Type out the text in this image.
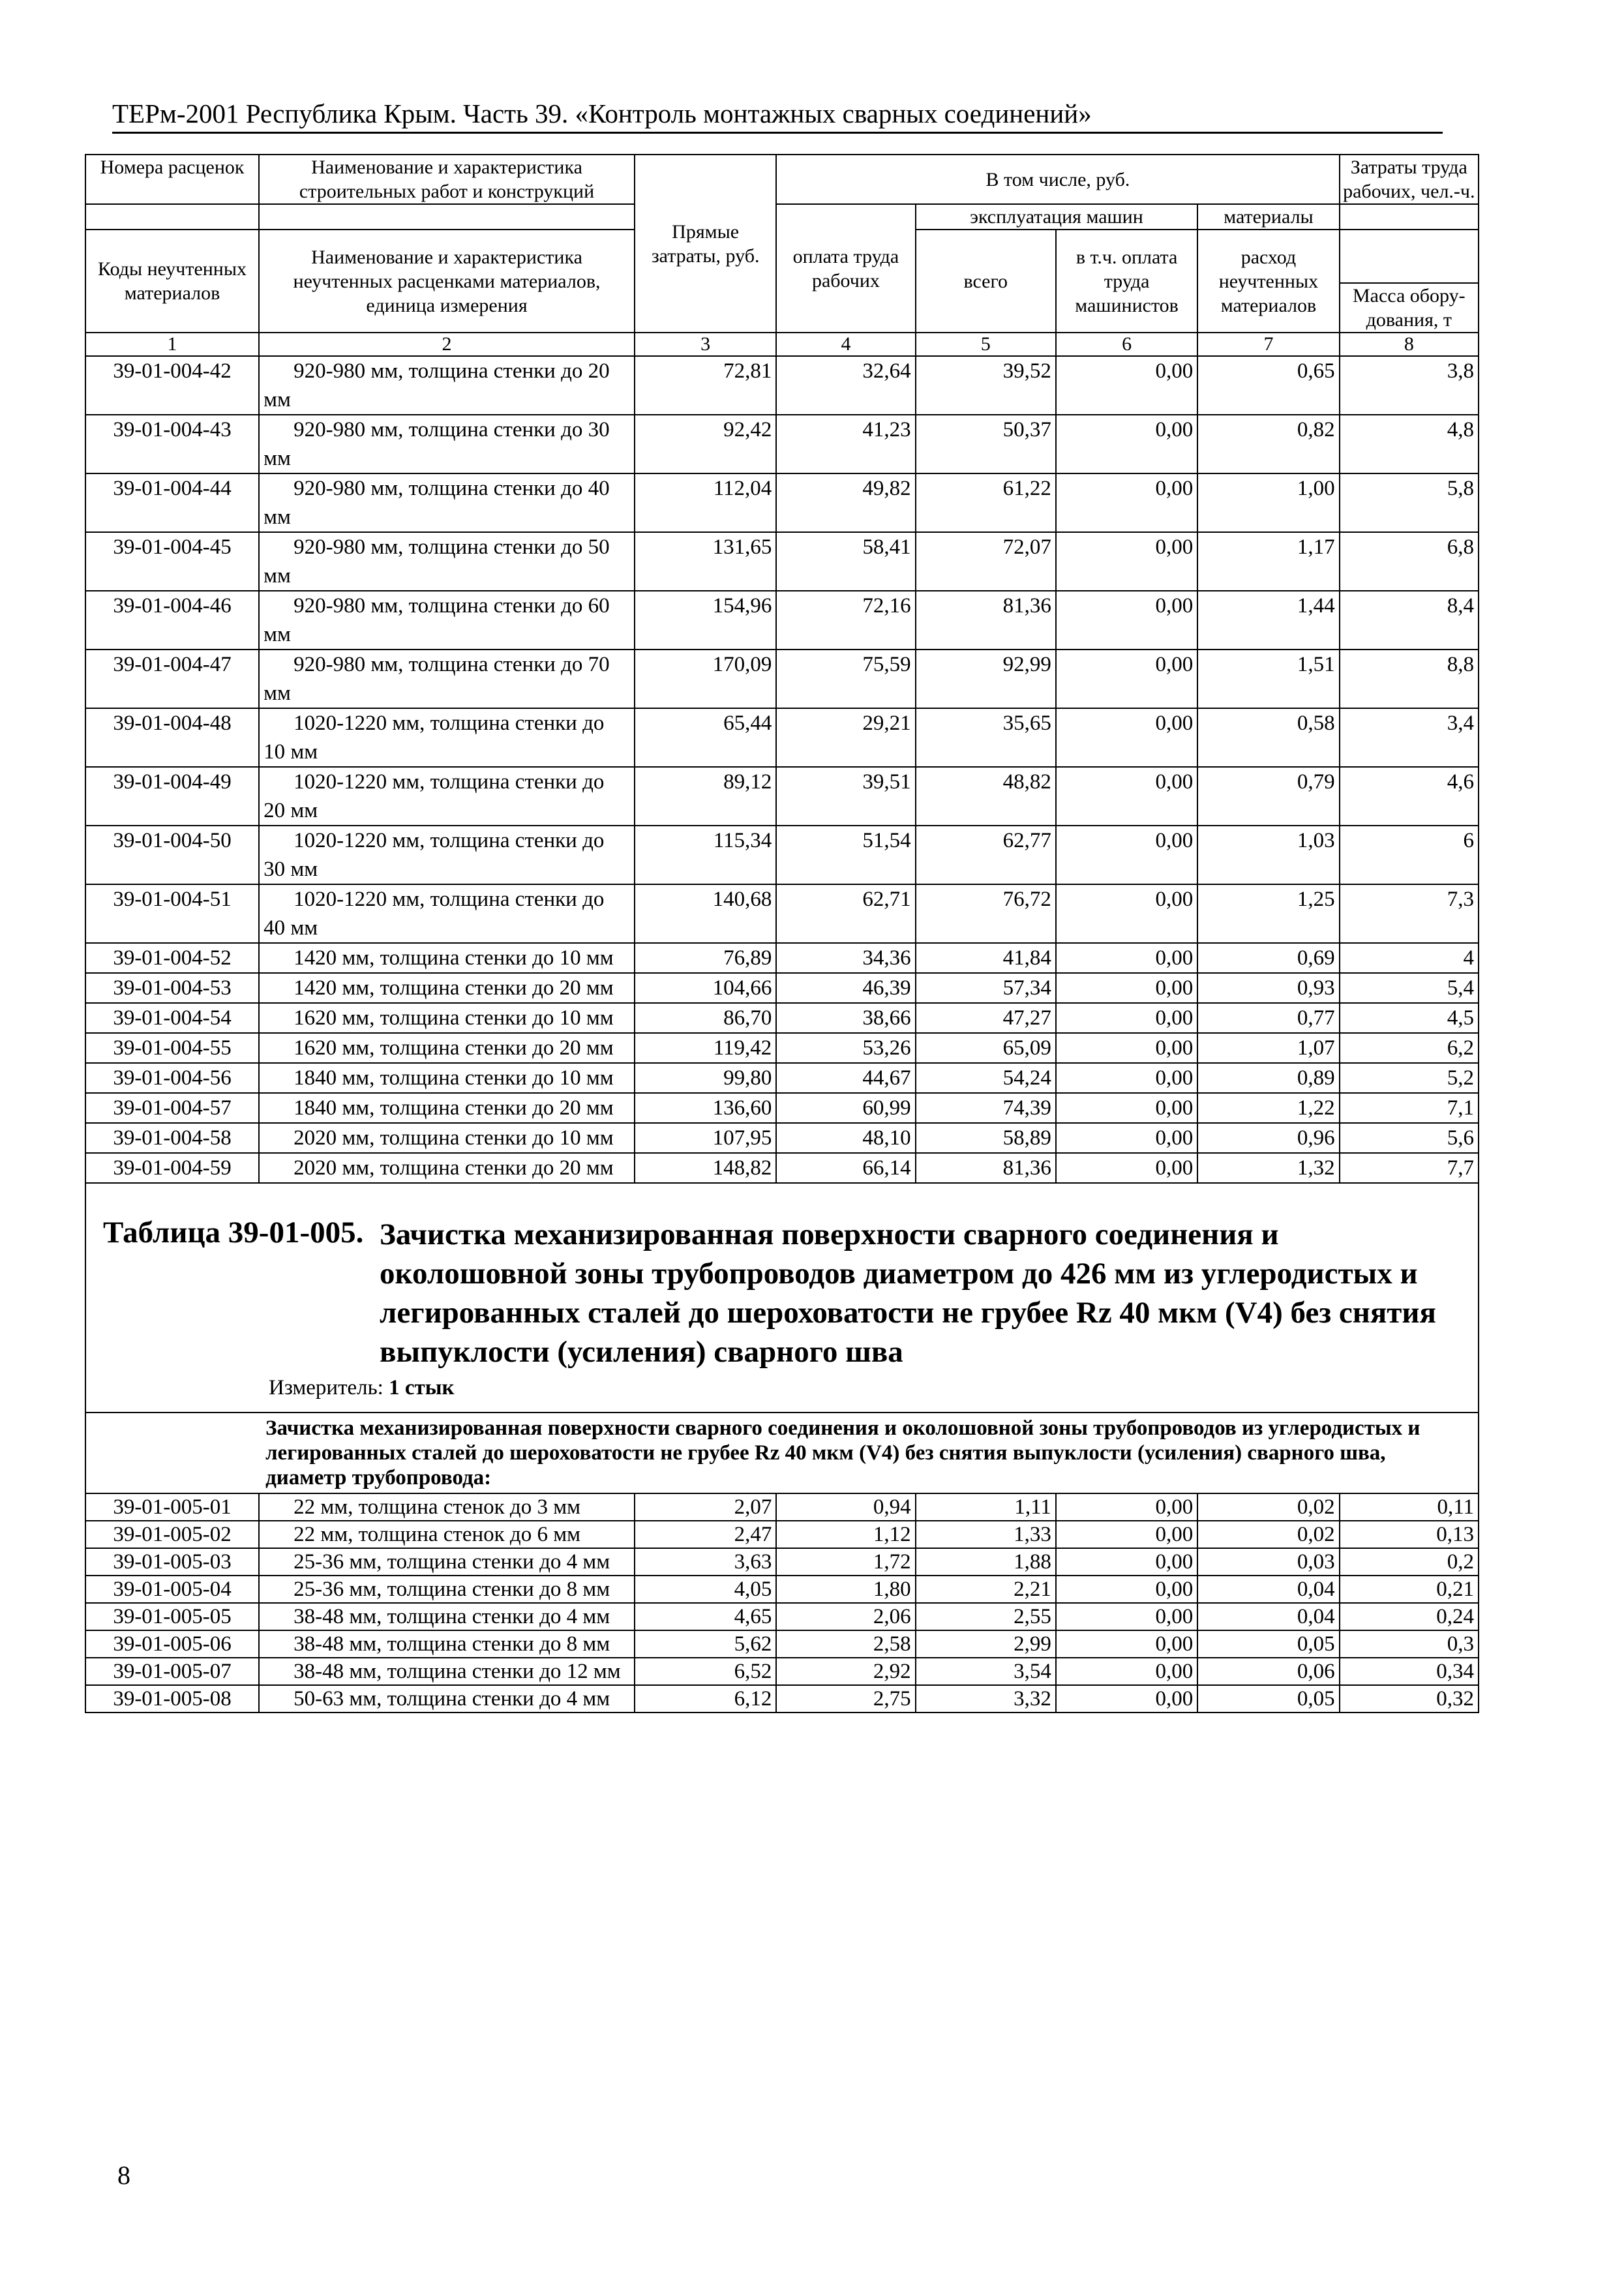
ТЕРм-2001 Республика Крым. Часть 39. «Контроль монтажных сварных соединений»
Номера расценок	Наименование и характеристика строительных работ и конструкций	Прямые затраты, руб.	В том числе, руб.				Затраты труда рабочих, чел.-ч.
			оплата труда рабочих	эксплуатация машин		материалы	
Коды неучтенных материалов	Наименование и характеристика неучтенных расценками материалов, единица измерения			всего	в т.ч. оплата труда машинистов	расход неучтенных материалов	
							Масса обору-дования, т
1	2	3	4	5	6	7	8
39-01-004-42	920-980 мм, толщина стенки до 20 мм	72,81	32,64	39,52	0,00	0,65	3,8
39-01-004-43	920-980 мм, толщина стенки до 30 мм	92,42	41,23	50,37	0,00	0,82	4,8
39-01-004-44	920-980 мм, толщина стенки до 40 мм	112,04	49,82	61,22	0,00	1,00	5,8
39-01-004-45	920-980 мм, толщина стенки до 50 мм	131,65	58,41	72,07	0,00	1,17	6,8
39-01-004-46	920-980 мм, толщина стенки до 60 мм	154,96	72,16	81,36	0,00	1,44	8,4
39-01-004-47	920-980 мм, толщина стенки до 70 мм	170,09	75,59	92,99	0,00	1,51	8,8
39-01-004-48	1020-1220 мм, толщина стенки до 10 мм	65,44	29,21	35,65	0,00	0,58	3,4
39-01-004-49	1020-1220 мм, толщина стенки до 20 мм	89,12	39,51	48,82	0,00	0,79	4,6
39-01-004-50	1020-1220 мм, толщина стенки до 30 мм	115,34	51,54	62,77	0,00	1,03	6
39-01-004-51	1020-1220 мм, толщина стенки до 40 мм	140,68	62,71	76,72	0,00	1,25	7,3
39-01-004-52	1420 мм, толщина стенки до 10 мм	76,89	34,36	41,84	0,00	0,69	4
39-01-004-53	1420 мм, толщина стенки до 20 мм	104,66	46,39	57,34	0,00	0,93	5,4
39-01-004-54	1620 мм, толщина стенки до 10 мм	86,70	38,66	47,27	0,00	0,77	4,5
39-01-004-55	1620 мм, толщина стенки до 20 мм	119,42	53,26	65,09	0,00	1,07	6,2
39-01-004-56	1840 мм, толщина стенки до 10 мм	99,80	44,67	54,24	0,00	0,89	5,2
39-01-004-57	1840 мм, толщина стенки до 20 мм	136,60	60,99	74,39	0,00	1,22	7,1
39-01-004-58	2020 мм, толщина стенки до 10 мм	107,95	48,10	58,89	0,00	0,96	5,6
39-01-004-59	2020 мм, толщина стенки до 20 мм	148,82	66,14	81,36	0,00	1,32	7,7
Таблица 39-01-005. Зачистка механизированная поверхности сварного соединения и околошовной зоны трубопроводов диаметром до 426 мм из углеродистых и легированных сталей до шероховатости не грубее Rz 40 мкм (V4) без снятия выпуклости (усиления) сварного шва
Измеритель: 1 стык
	Зачистка механизированная поверхности сварного соединения и околошовной зоны трубопроводов из углеродистых и легированных сталей до шероховатости не грубее Rz 40 мкм (V4) без снятия выпуклости (усиления) сварного шва, диаметр трубопровода:						
39-01-005-01	22 мм, толщина стенок до 3 мм	2,07	0,94	1,11	0,00	0,02	0,11
39-01-005-02	22 мм, толщина стенок до 6 мм	2,47	1,12	1,33	0,00	0,02	0,13
39-01-005-03	25-36 мм, толщина стенки до 4 мм	3,63	1,72	1,88	0,00	0,03	0,2
39-01-005-04	25-36 мм, толщина стенки до 8 мм	4,05	1,80	2,21	0,00	0,04	0,21
39-01-005-05	38-48 мм, толщина стенки до 4 мм	4,65	2,06	2,55	0,00	0,04	0,24
39-01-005-06	38-48 мм, толщина стенки до 8 мм	5,62	2,58	2,99	0,00	0,05	0,3
39-01-005-07	38-48 мм, толщина стенки до 12 мм	6,52	2,92	3,54	0,00	0,06	0,34
39-01-005-08	50-63 мм, толщина стенки до 4 мм	6,12	2,75	3,32	0,00	0,05	0,32
8
